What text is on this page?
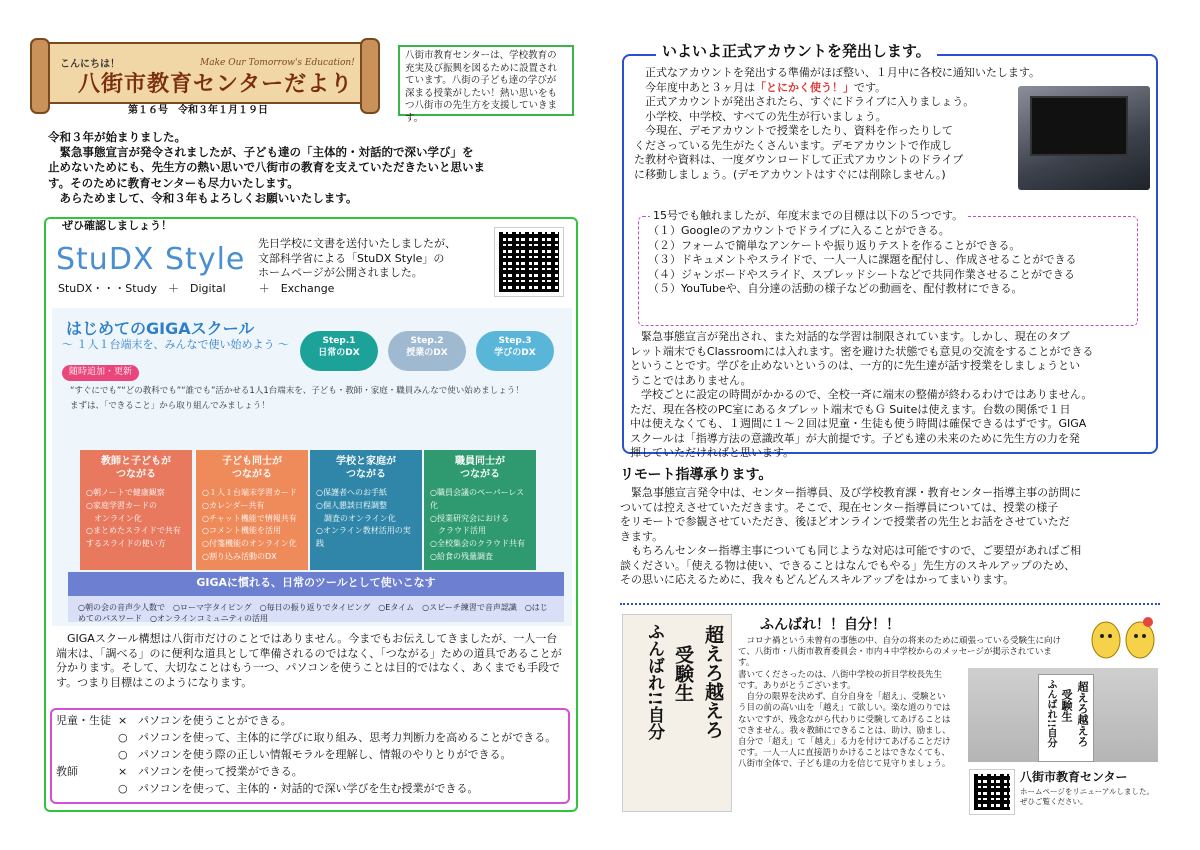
こんにちは！	Make Our Tomorrow's Education!
八街市教育センターだより
第１６号　令和３年１月１９日
八街市教育センターは、学校教育の
充実及び振興を図るために設置され
ています。八街の子ども達の学びが
深まる授業がしたい！熱い思いをも
つ八街市の先生方を支援していきます。
令和３年が始まりました。
緊急事態宣言が発令されましたが、子ども達の「主体的・対話的で深い学び」を
止めないためにも、先生方の熱い思いで八街市の教育を支えていただきたいと思いま
す。そのために教育センターも尽力いたします。
あらためまして、令和３年もよろしくお願いいたします。
ぜひ確認しましょう！
StuDX Style
StuDX・・・Study　＋　Digital　　　＋　Exchange
先日学校に文書を送付いたしましたが、
文部科学省による「StuDX Style」の
ホームページが公開されました。
はじめてのGIGAスクール
～ １人１台端末を、みんなで使い始めよう ～	Step.1
日常のDX
Step.2
授業のDX
Step.3
学びのDX
随時追加・更新
“すぐにでも”“どの教科でも”“誰でも”活かせる1人1台端末を、子ども・教師・家庭・職員みんなで使い始めましょう！
まずは、「できること」から取り組んでみましょう！
教師と子どもが
つながる
○朝ノートで健康観察
○家庭学習カードの
　オンライン化
○まとめたスライドで共有
するスライドの使い方
子ども同士が
つながる
○１人１台端末学習カード
○カレンダー共有
○チャット機能で情報共有
○コメント機能を活用
○付箋機能のオンライン化
○割り込み活動のDX
学校と家庭が
つながる
○保護者へのお手紙
○個人懇談日程調整
　調査のオンライン化
○オンライン教材活用の実践
職員同士が
つながる
○職員会議のペーパーレス化
○授業研究会における
　クラウド活用
○全校集会のクラウド共有
○給食の残量調査
GIGAに慣れる、日常のツールとして使いこなす
○朝の会の音声少人数で　○ローマ字タイピング　○毎日の振り返りでタイピング　○Eタイム　○スピーチ練習で音声認識　○はじめてのパスワード　○オンラインコミュニティの活用
GIGAスクール構想は八街市だけのことではありません。今までもお伝えしてきましたが、一人一台
端末は、「調べる」のに便利な道具として準備されるのではなく、「つながる」ための道具であることが
分かります。そして、大切なことはもう一つ、パソコンを使うことは目的ではなく、あくまでも手段で
す。つまり目標はこのようになります。
児童・生徒 × パソコンを使うことができる。
○ パソコンを使って、主体的に学びに取り組み、思考力判断力を高めることができる。
○ パソコンを使う際の正しい情報モラルを理解し、情報のやりとりができる。
教師	× パソコンを使って授業ができる。
○ パソコンを使って、主体的・対話的で深い学びを生む授業ができる。
いよいよ正式アカウントを発出します。
正式なアカウントを発出する準備がほぼ整い、１月中に各校に通知いたします。
今年度中あと３ヶ月は「とにかく使う！」です。
正式アカウントが発出されたら、すぐにドライブに入りましょう。
小学校、中学校、すべての先生が行いましょう。
今現在、デモアカウントで授業をしたり、資料を作ったりして
くださっている先生がたくさんいます。デモアカウントで作成し
た教材や資料は、一度ダウンロードして正式アカウントのドライブ
に移動しましょう。(デモアカウントはすぐには削除しません。)
15号でも触れましたが、年度末までの目標は以下の５つです。
（１）Googleのアカウントでドライブに入ることができる。
（２）フォームで簡単なアンケートや振り返りテストを作ることができる。
（３）ドキュメントやスライドで、一人一人に課題を配付し、作成させることができる
（４）ジャンボードやスライド、スプレッドシートなどで共同作業させることができる
（５）YouTubeや、自分達の活動の様子などの動画を、配付教材にできる。
緊急事態宣言が発出され、また対話的な学習は制限されています。しかし、現在のタブ
レット端末でもClassroomには入れます。密を避けた状態でも意見の交流をすることができる
ということです。学びを止めないというのは、一方的に先生達が話す授業をしましょうとい
うことではありません。
学校ごとに設定の時間がかかるので、全校一斉に端末の整備が終わるわけではありません。
ただ、現在各校のPC室にあるタブレット端末でもＧ Suiteは使えます。台数の関係で１日
中は使えなくても、１週間に１～２回は児童・生徒も使う時間は確保できるはずです。GIGA
スクールは「指導方法の意識改革」が大前提です。子ども達の未来のために先生方の力を発
揮していただければと思います。
リモート指導承ります。
緊急事態宣言発令中は、センター指導員、及び学校教育課・教育センター指導主事の訪問に
ついては控えさせていただきます。そこで、現在センター指導員については、授業の様子
をリモートで参観させていただき、後ほどオンラインで授業者の先生とお話をさせていただ
きます。
もちろんセンター指導主事についても同じような対応は可能ですので、ご要望があればご相
談ください。「使える物は使い、できることはなんでもやる」先生方のスキルアップのため、
その思いに応えるために、我々もどんどんスキルアップをはかってまいります。
超えろ越えろ
受験生
ふんばれ!!自分	ふんばれ！！自分！！
コロナ禍という未曾有の事態の中、自分の将来のために頑張っている受験生に向け
て、八街市・八街市教育委員会・市内４中学校からのメッセージが掲示されています。
書いてくださったのは、八街中学校の折目学校長先生
です。ありがとうございます。
自分の限界を決めず、自分自身を「超え」、受験とい
う目の前の高い山を「越え」て欲しい。楽な道のりでは
ないですが、残念ながら代わりに受験してあげることは
できません。我々教師にできることは、助け、励まし、
自分で「超え」て「越え」る力を付けてあげることだけ
です。一人一人に直接語りかけることはできなくても、
八街市全体で、子ども達の力を信じて見守りましょう。
超えろ越えろ
受験生
ふんばれ!!自分
八街市教育センター
ホームページをリニューアルしました。
ぜひご覧ください。
